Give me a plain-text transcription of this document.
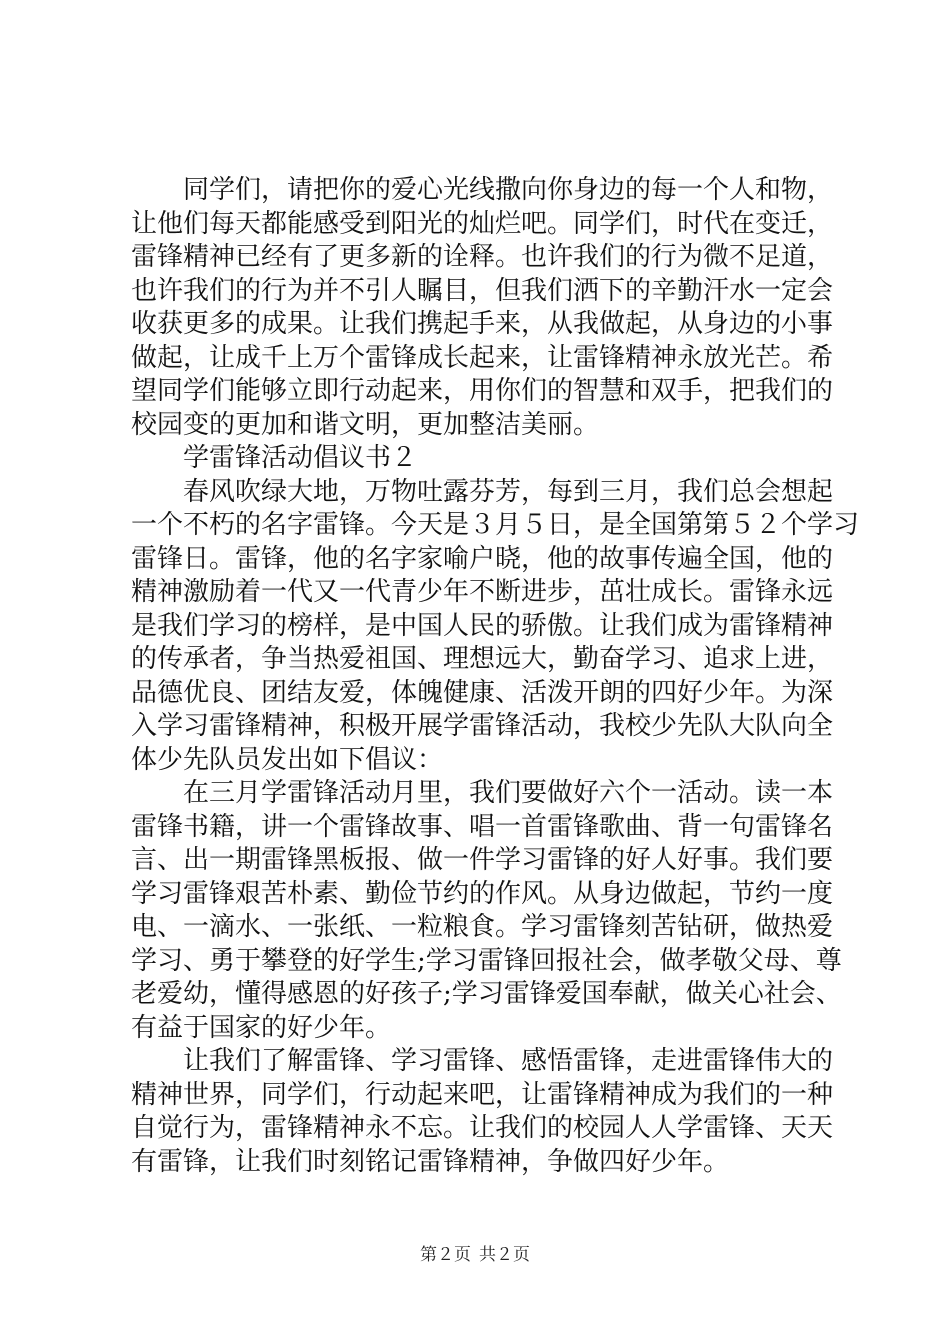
同学们，请把你的爱心光线撒向你身边的每一个人和物，
让他们每天都能感受到阳光的灿烂吧。同学们，时代在变迁，
雷锋精神已经有了更多新的诠释。也许我们的行为微不足道，
也许我们的行为并不引人瞩目，但我们洒下的辛勤汗水一定会
收获更多的成果。让我们携起手来，从我做起，从身边的小事
做起，让成千上万个雷锋成长起来，让雷锋精神永放光芒。希
望同学们能够立即行动起来，用你们的智慧和双手，把我们的
校园变的更加和谐文明，更加整洁美丽。
学雷锋活动倡议书２
春风吹绿大地，万物吐露芬芳，每到三月，我们总会想起
一个不朽的名字雷锋。今天是３月５日，是全国第第５２个学习
雷锋日。雷锋，他的名字家喻户晓，他的故事传遍全国，他的
精神激励着一代又一代青少年不断进步，茁壮成长。雷锋永远
是我们学习的榜样，是中国人民的骄傲。让我们成为雷锋精神
的传承者，争当热爱祖国、理想远大，勤奋学习、追求上进，
品德优良、团结友爱，体魄健康、活泼开朗的四好少年。为深
入学习雷锋精神，积极开展学雷锋活动，我校少先队大队向全
体少先队员发出如下倡议：
在三月学雷锋活动月里，我们要做好六个一活动。读一本
雷锋书籍，讲一个雷锋故事、唱一首雷锋歌曲、背一句雷锋名
言、出一期雷锋黑板报、做一件学习雷锋的好人好事。我们要
学习雷锋艰苦朴素、勤俭节约的作风。从身边做起，节约一度
电、一滴水、一张纸、一粒粮食。学习雷锋刻苦钻研，做热爱
学习、勇于攀登的好学生;学习雷锋回报社会，做孝敬父母、尊
老爱幼，懂得感恩的好孩子;学习雷锋爱国奉献，做关心社会、
有益于国家的好少年。
让我们了解雷锋、学习雷锋、感悟雷锋，走进雷锋伟大的
精神世界，同学们，行动起来吧，让雷锋精神成为我们的一种
自觉行为，雷锋精神永不忘。让我们的校园人人学雷锋、天天
有雷锋，让我们时刻铭记雷锋精神，争做四好少年。
第２页 共２页
